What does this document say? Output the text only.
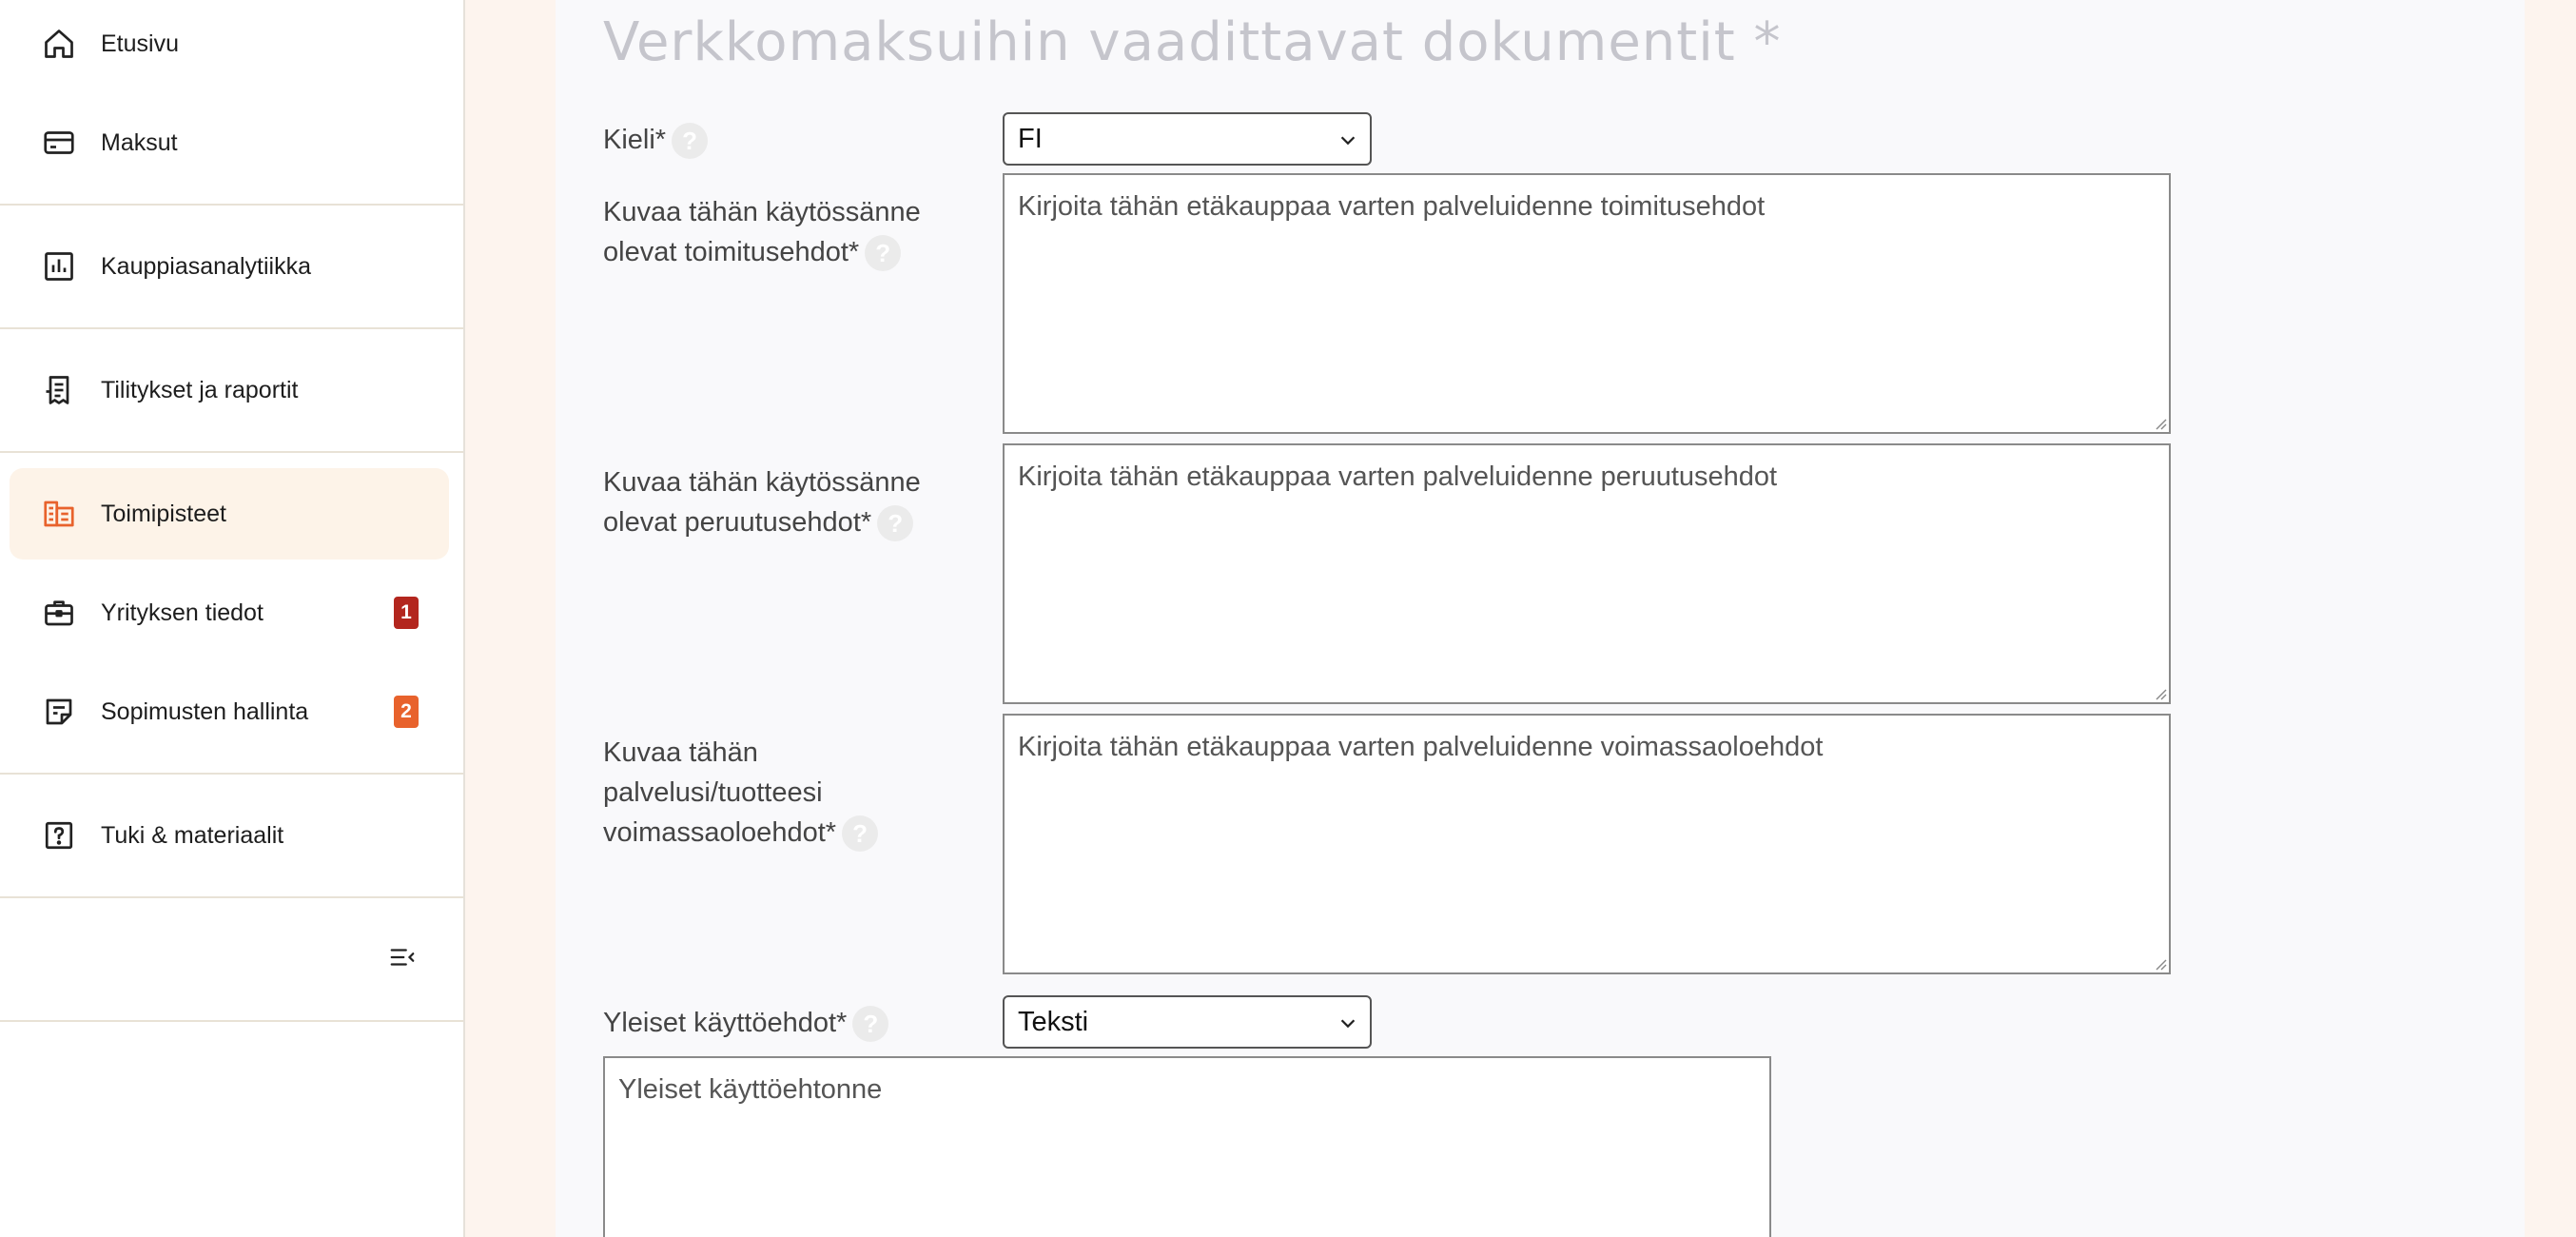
Etusivu
Maksut
Kauppiasanalytiikka
Tilitykset ja raportit
Toimipisteet
Yrityksen tiedot	1
Sopimusten hallinta	2
Tuki & materiaalit
Verkkomaksuihin vaadittavat dokumentit *
Kieli* ?	FI
Kuvaa tähän käytössänne olevat toimitusehdot* ?
Kirjoita tähän etäkauppaa varten palveluidenne toimitusehdot
Kuvaa tähän käytössänne olevat peruutusehdot* ?
Kirjoita tähän etäkauppaa varten palveluidenne peruutusehdot
Kuvaa tähän palvelusi/tuotteesi voimassaoloehdot* ?
Kirjoita tähän etäkauppaa varten palveluidenne voimassaoloehdot
Yleiset käyttöehdot* ?	Teksti
Yleiset käyttöehtonne
